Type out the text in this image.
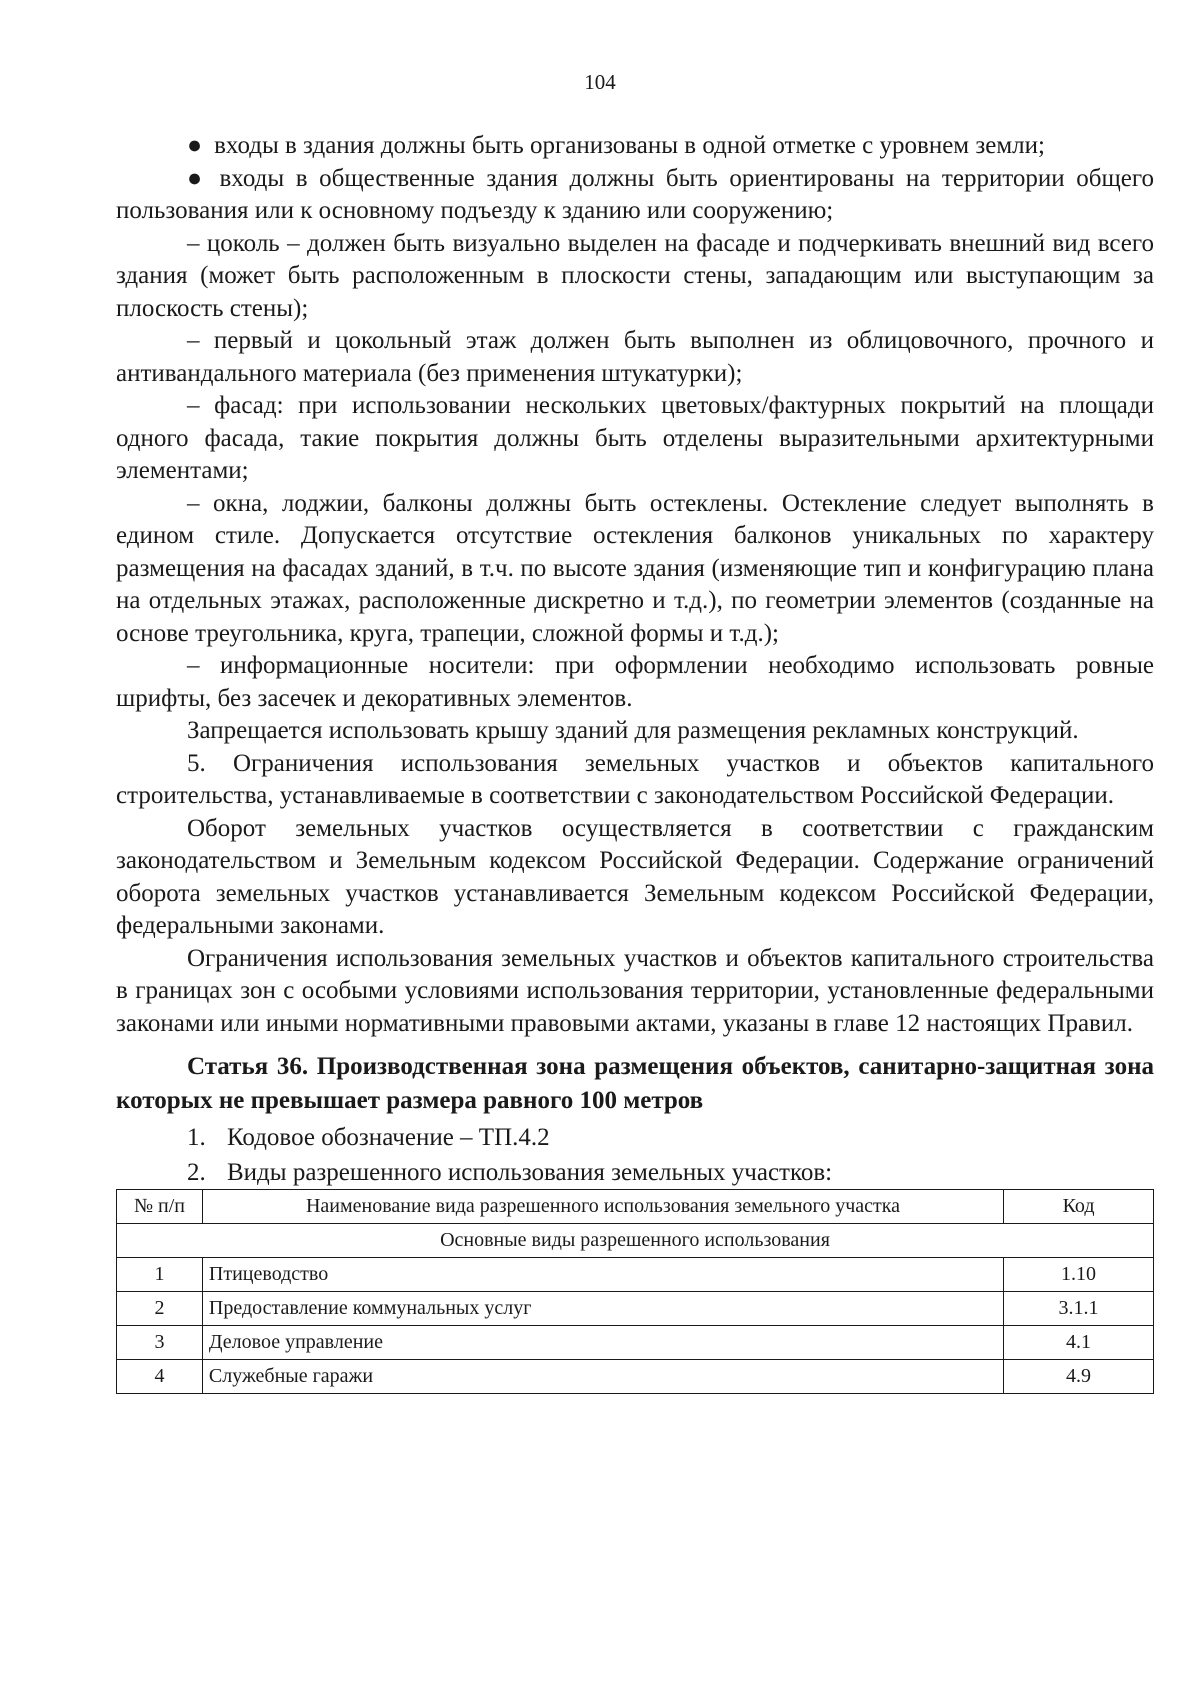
104

● входы в здания должны быть организованы в одной отметке с уровнем земли;

● входы в общественные здания должны быть ориентированы на территории общего пользования или к основному подъезду к зданию или сооружению;

– цоколь – должен быть визуально выделен на фасаде и подчеркивать внешний вид всего здания (может быть расположенным в плоскости стены, западающим или выступающим за плоскость стены);

– первый и цокольный этаж должен быть выполнен из облицовочного, прочного и антивандального материала (без применения штукатурки);

– фасад: при использовании нескольких цветовых/фактурных покрытий на площади одного фасада, такие покрытия должны быть отделены выразительными архитектурными элементами;

– окна, лоджии, балконы должны быть остеклены. Остекление следует выполнять в едином стиле. Допускается отсутствие остекления балконов уникальных по характеру размещения на фасадах зданий, в т.ч. по высоте здания (изменяющие тип и конфигурацию плана на отдельных этажах, расположенные дискретно и т.д.), по геометрии элементов (созданные на основе треугольника, круга, трапеции, сложной формы и т.д.);

– информационные носители: при оформлении необходимо использовать ровные шрифты, без засечек и декоративных элементов.

Запрещается использовать крышу зданий для размещения рекламных конструкций.

5. Ограничения использования земельных участков и объектов капитального строительства, устанавливаемые в соответствии с законодательством Российской Федерации.

Оборот земельных участков осуществляется в соответствии с гражданским законодательством и Земельным кодексом Российской Федерации. Содержание ограничений оборота земельных участков устанавливается Земельным кодексом Российской Федерации, федеральными законами.

Ограничения использования земельных участков и объектов капитального строительства в границах зон с особыми условиями использования территории, установленные федеральными законами или иными нормативными правовыми актами, указаны в главе 12 настоящих Правил.

Статья 36. Производственная зона размещения объектов, санитарно-защитная зона которых не превышает размера равного 100 метров

1. Кодовое обозначение – ТП.4.2

2. Виды разрешенного использования земельных участков:

№ п/п	Наименование вида разрешенного использования земельного участка	Код
Основные виды разрешенного использования		
1	Птицеводство	1.10
2	Предоставление коммунальных услуг	3.1.1
3	Деловое управление	4.1
4	Служебные гаражи	4.9
